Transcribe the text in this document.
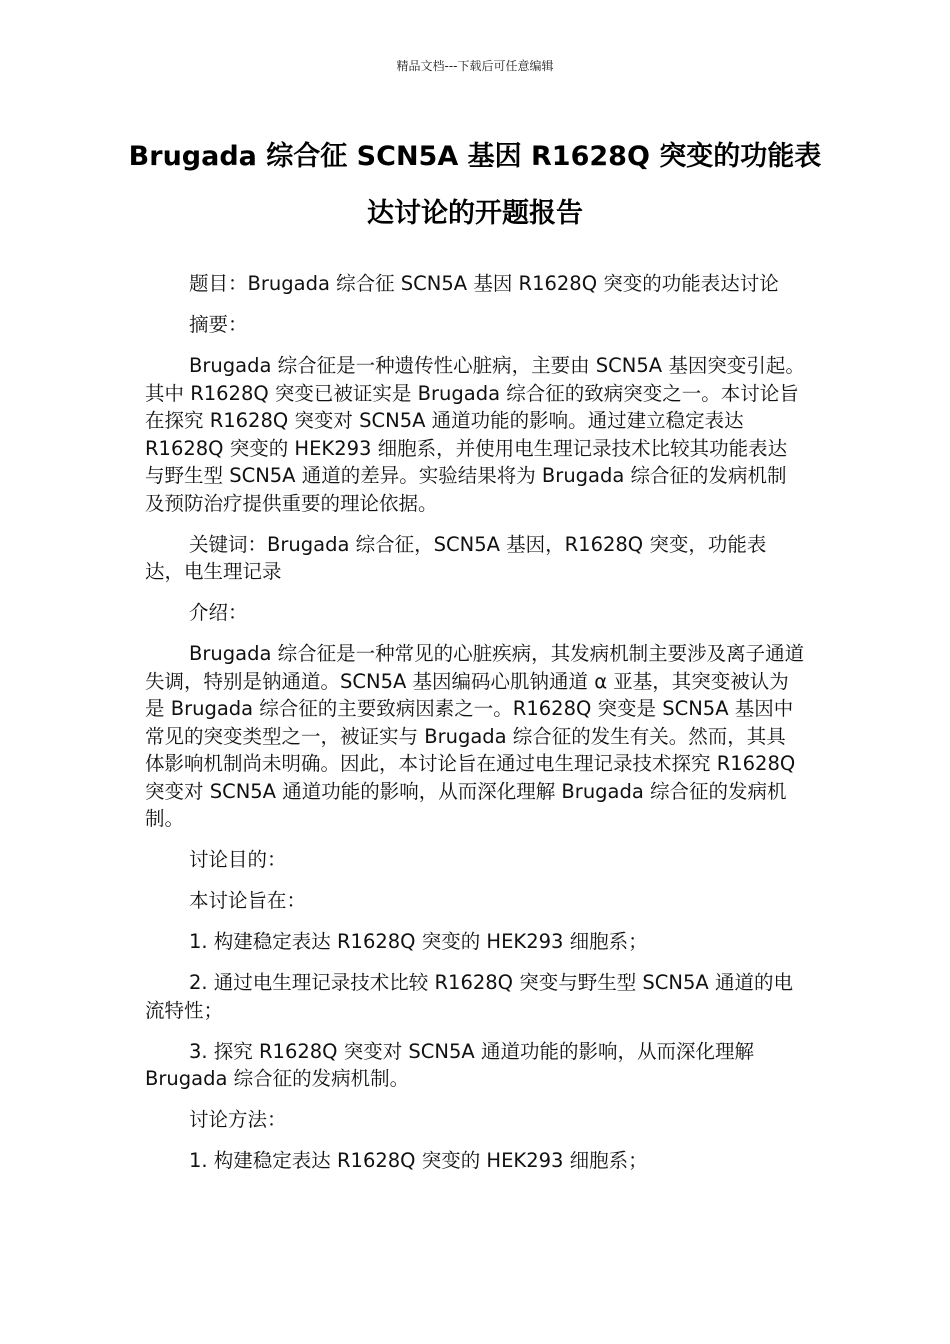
精品文档---下载后可任意编辑
Brugada 综合征 SCN5A 基因 R1628Q 突变的功能表达讨论的开题报告

题目：Brugada 综合征 SCN5A 基因 R1628Q 突变的功能表达讨论

摘要：

Brugada 综合征是一种遗传性心脏病，主要由 SCN5A 基因突变引起。其中 R1628Q 突变已被证实是 Brugada 综合征的致病突变之一。本讨论旨在探究 R1628Q 突变对 SCN5A 通道功能的影响。通过建立稳定表达 R1628Q 突变的 HEK293 细胞系，并使用电生理记录技术比较其功能表达与野生型 SCN5A 通道的差异。实验结果将为 Brugada 综合征的发病机制及预防治疗提供重要的理论依据。

关键词：Brugada 综合征，SCN5A 基因，R1628Q 突变，功能表达，电生理记录

介绍：

Brugada 综合征是一种常见的心脏疾病，其发病机制主要涉及离子通道失调，特别是钠通道。SCN5A 基因编码心肌钠通道 α 亚基，其突变被认为是 Brugada 综合征的主要致病因素之一。R1628Q 突变是 SCN5A 基因中常见的突变类型之一，被证实与 Brugada 综合征的发生有关。然而，其具体影响机制尚未明确。因此，本讨论旨在通过电生理记录技术探究 R1628Q 突变对 SCN5A 通道功能的影响，从而深化理解 Brugada 综合征的发病机制。

讨论目的：

本讨论旨在：

1. 构建稳定表达 R1628Q 突变的 HEK293 细胞系；

2. 通过电生理记录技术比较 R1628Q 突变与野生型 SCN5A 通道的电流特性；

3. 探究 R1628Q 突变对 SCN5A 通道功能的影响，从而深化理解 Brugada 综合征的发病机制。

讨论方法：

1. 构建稳定表达 R1628Q 突变的 HEK293 细胞系；
